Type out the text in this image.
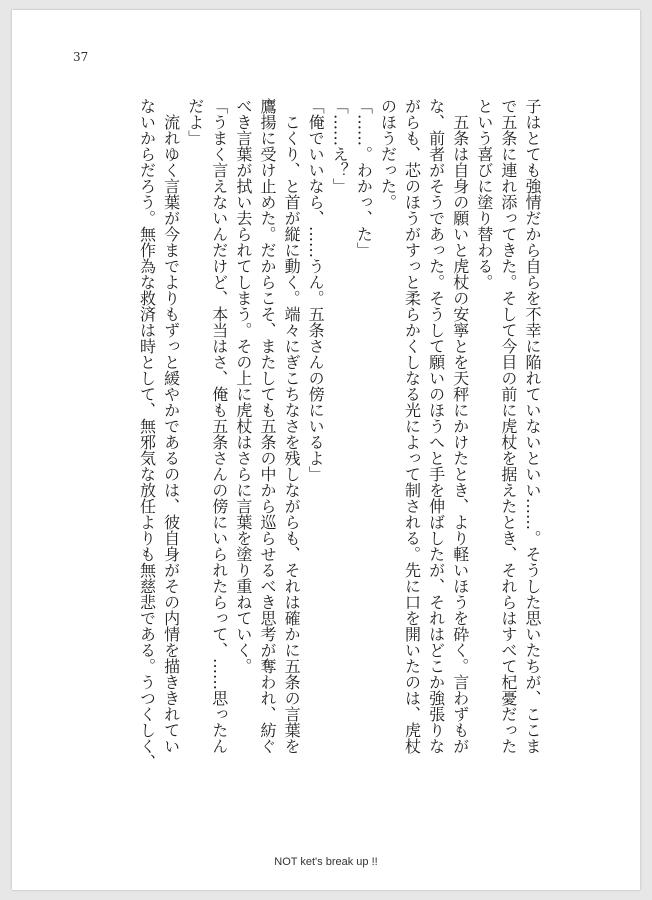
37

子はとても強情だから自らを不幸に陥れていないといい……。そうした思いたちが、ここま

で五条に連れ添ってきた。そして今目の前に虎杖を据えたとき、それらはすべて杞憂だった

という喜びに塗り替わる。

　五条は自身の願いと虎杖の安寧とを天秤にかけたとき、より軽いほうを砕く。言わずもが

な、前者がそうであった。そうして願いのほうへと手を伸ばしたが、それはどこか強張りな

がらも、芯のほうがすっと柔らかくしなる光によって制される。先に口を開いたのは、虎杖

のほうだった。

「……。わかっ、た」

「……え？」

「俺でいいなら、……うん。五条さんの傍にいるよ」

　こくり、と首が縦に動く。端々にぎこちなさを残しながらも、それは確かに五条の言葉を

鷹揚に受け止めた。だからこそ、またしても五条の中から巡らせるべき思考が奪われ、紡ぐ

べき言葉が拭い去られてしまう。その上に虎杖はさらに言葉を塗り重ねていく。

「うまく言えないんだけど、本当はさ、俺も五条さんの傍にいられたらって、……思ったん

だよ」

　流れゆく言葉が今までよりもずっと緩やかであるのは、彼自身がその内情を描ききれてい

ないからだろう。無作為な救済は時として、無邪気な放任よりも無慈悲である。うつくしく、

NOT ket's break up !!
